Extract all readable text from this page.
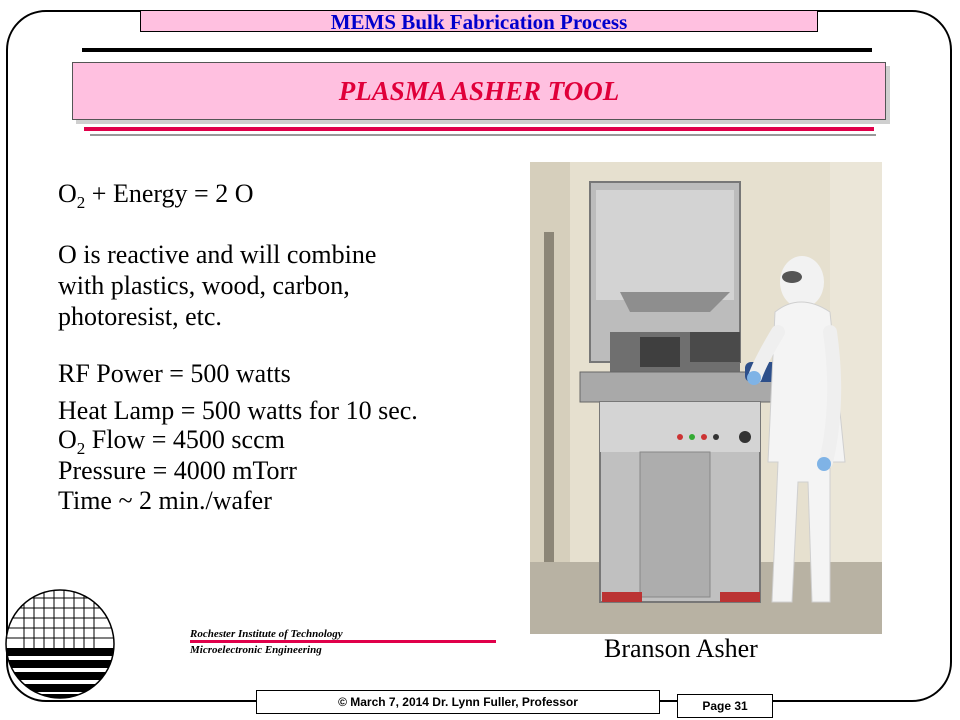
MEMS Bulk Fabrication Process
PLASMA ASHER TOOL
$O_2$ + Energy = 2 O
O is reactive and will combine
with plastics, wood, carbon,
photoresist, etc.
RF Power = 500 watts
Heat Lamp = 500 watts for 10 sec.
$O_2$ Flow = 4500 sccm
Pressure = 4000 mTorr
Time ~ 2 min./wafer
Branson Asher
Rochester Institute of Technology
Microelectronic Engineering
© March 7, 2014 Dr. Lynn Fuller, Professor	Page 31
